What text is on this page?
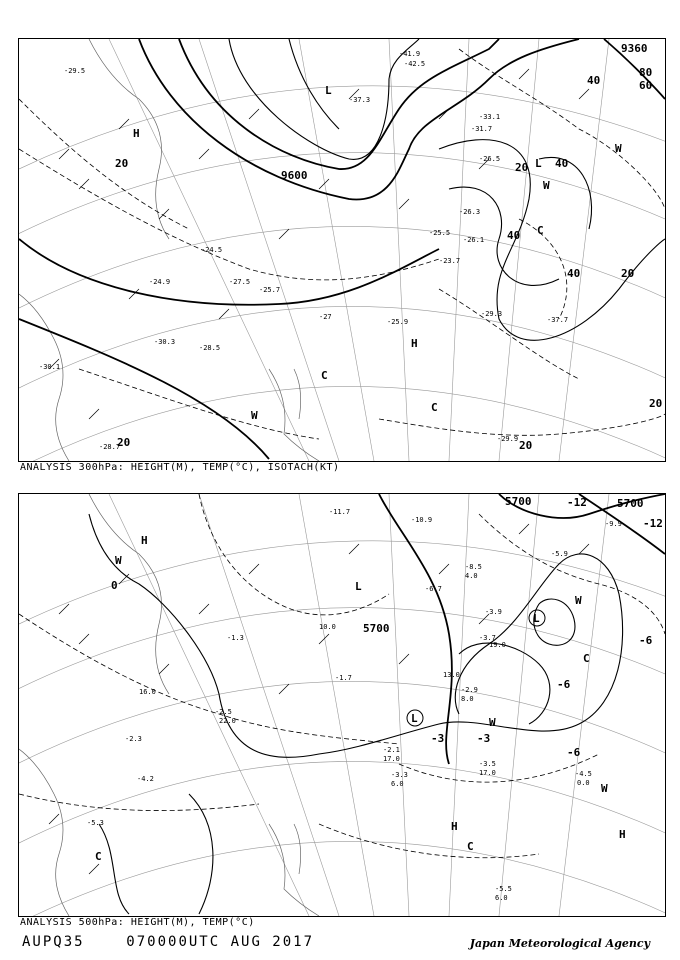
9600
9360
20
40	60
80
20 40
20
40
20	20
40
20
H
H
L
L
C
C
C
W
W
W
-29.5
-24.5
-26.3
-27.5
-25.9
-29.3
-33.1
-31.7
-26.5
-37.7
-25.5
-23.7
-26.1
-27
-28.5
-30.1
-41.9
-42.5
-37.3
-28.7
-24.9
-25.7
-29.9
-30.3
ANALYSIS 300hPa: HEIGHT(M), TEMP(°C), ISOTACH(KT)
5700	5700
5700
0
-3
-6
-6
-3
-6
-12
-12
H
H
H
L
L
L
C
C
C
W
W
W
W
-3.7
-2.1
-3.3
-3.5
-4.5
-5.5
-2.9
-6.7
-8.5
-9.9
-11.7
-10.9
-1.7
-2.5
-1.3
-3.9
-4.2
-5.3
-2.3
-5.9
17.0
6.0
17.0
0.0
6.0
13.0
22.0
8.0
4.0
19.0
10.0
16.0
ANALYSIS 500hPa: HEIGHT(M), TEMP(°C)
AUPQ35	070000UTC AUG 2017	Japan Meteorological Agency
